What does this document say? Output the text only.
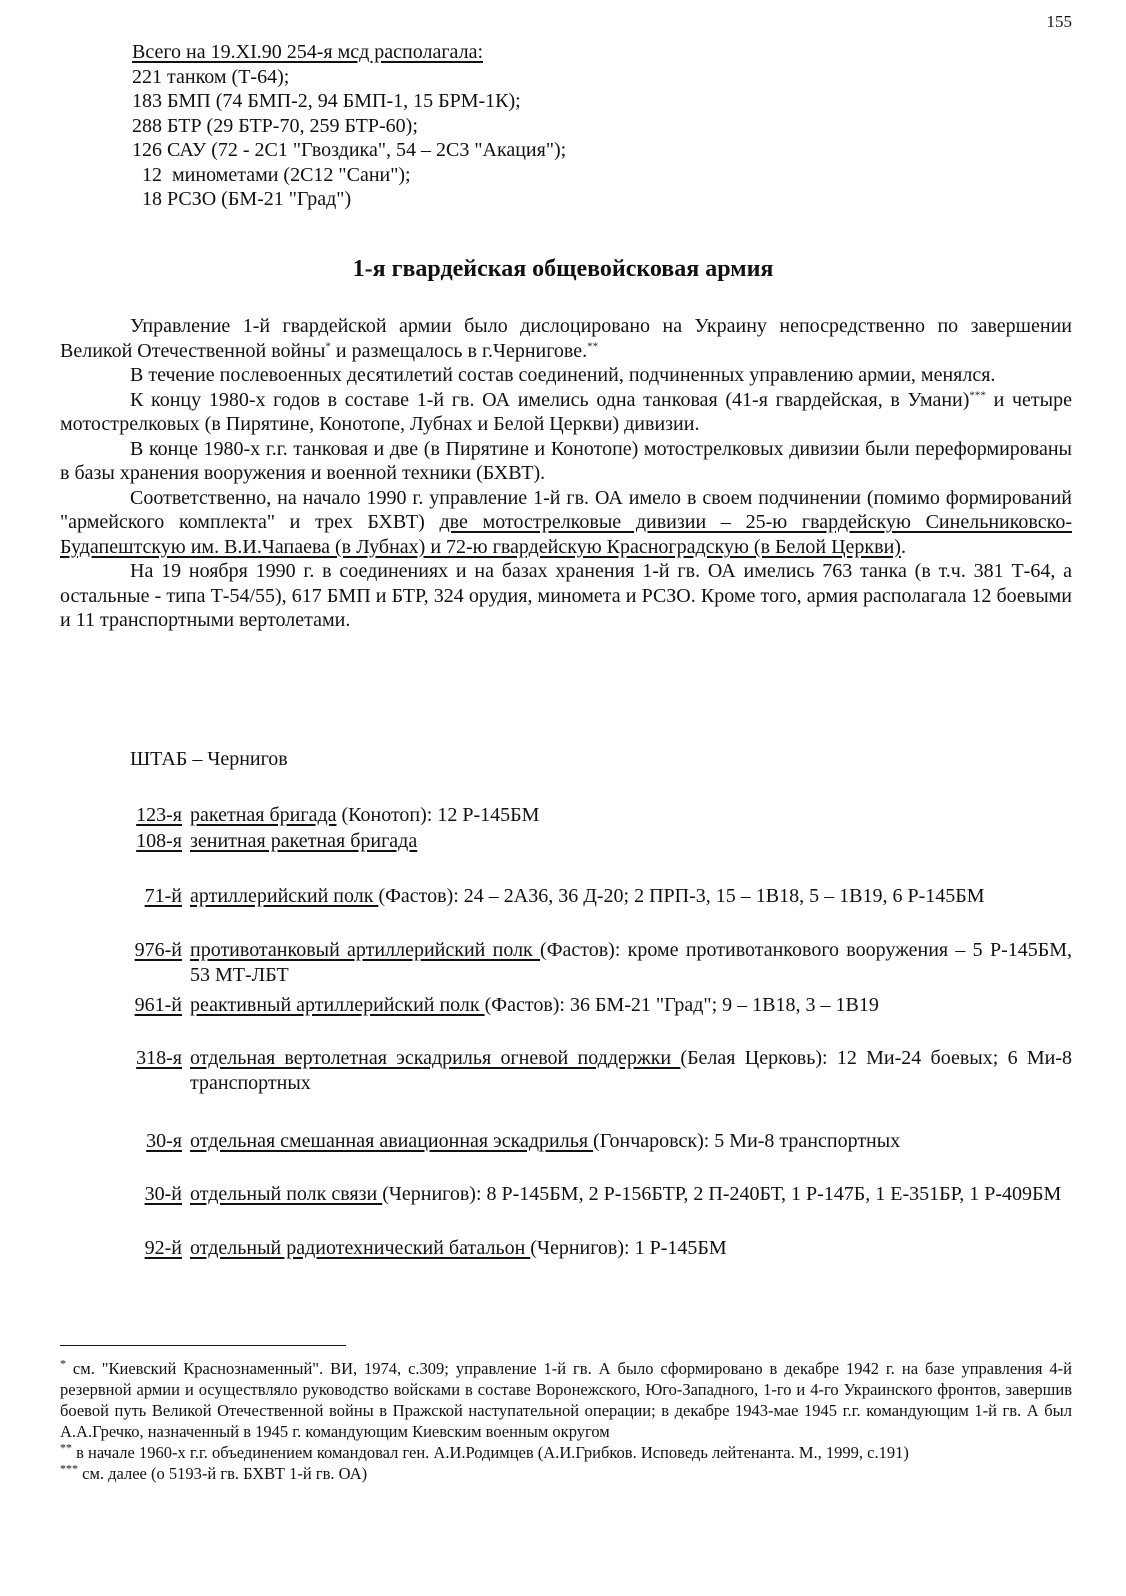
155
Всего на 19.XI.90 254-я мсд располагала:
221 танком (Т-64);
183 БМП (74 БМП-2, 94 БМП-1, 15 БРМ-1К);
288 БТР (29 БТР-70, 259 БТР-60);
126 САУ (72 - 2С1 "Гвоздика", 54 – 2С3 "Акация");
12  минометами (2С12 "Сани");
18 РСЗО (БМ-21 "Град")
1-я гвардейская общевойсковая армия

Управление 1-й гвардейской армии было дислоцировано на Украину непосредственно по завершении Великой Отечественной войны* и размещалось в г.Чернигове.**

В течение послевоенных десятилетий состав соединений, подчиненных управлению армии, менялся.

К концу 1980-х годов в составе 1-й гв. ОА имелись одна танковая (41-я гвардейская, в Умани)*** и четыре мотострелковых (в Пирятине, Конотопе, Лубнах и Белой Церкви) дивизии.

В конце 1980-х г.г. танковая и две (в Пирятине и Конотопе) мотострелковых дивизии были переформированы в базы хранения вооружения и военной техники (БХВТ).

Соответственно, на начало 1990 г. управление 1-й гв. ОА имело в своем подчинении (помимо формирований "армейского комплекта" и трех БХВТ) две мотострелковые дивизии – 25-ю гвардейскую Синельниковско-Будапештскую им. В.И.Чапаева (в Лубнах) и 72-ю гвардейскую Красноградскую (в Белой Церкви).

На 19 ноября 1990 г. в соединениях и на базах хранения 1-й гв. ОА имелись 763 танка (в т.ч. 381 Т-64, а остальные - типа Т-54/55), 617 БМП и БТР, 324 орудия, миномета и РСЗО. Кроме того, армия располагала 12 боевыми и 11 транспортными вертолетами.

ШТАБ – Чернигов
123-я ракетная бригада (Конотоп): 12 Р-145БМ
108-я зенитная ракетная бригада
71-й артиллерийский полк (Фастов): 24 – 2А36, 36 Д-20; 2 ПРП-3, 15 – 1В18, 5 – 1В19, 6 Р-145БМ
976-й противотанковый артиллерийский полк (Фастов): кроме противотанкового вооружения – 5 Р-145БМ, 53 МТ-ЛБТ
961-й реактивный артиллерийский полк (Фастов): 36 БМ-21 "Град"; 9 – 1В18, 3 – 1В19
318-я отдельная вертолетная эскадрилья огневой поддержки (Белая Церковь): 12 Ми-24 боевых; 6 Ми-8 транспортных
30-я отдельная смешанная авиационная эскадрилья (Гончаровск): 5 Ми-8 транспортных
30-й отдельный полк связи (Чернигов): 8 Р-145БМ, 2 Р-156БТР, 2 П-240БТ, 1 Р-147Б, 1 Е-351БР, 1 Р-409БМ
92-й отдельный радиотехнический батальон (Чернигов): 1 Р-145БМ

* см. "Киевский Краснознаменный". ВИ, 1974, с.309; управление 1-й гв. А было сформировано в декабре 1942 г. на базе управления 4-й резервной армии и осуществляло руководство войсками в составе Воронежского, Юго-Западного, 1-го и 4-го Украинского фронтов, завершив боевой путь Великой Отечественной войны в Пражской наступательной операции; в декабре 1943-мае 1945 г.г. командующим 1-й гв. А был А.А.Гречко, назначенный в 1945 г. командующим Киевским военным округом

** в начале 1960-х г.г. объединением командовал ген. А.И.Родимцев (А.И.Грибков. Исповедь лейтенанта. М., 1999, с.191)

*** см. далее (о 5193-й гв. БХВТ 1-й гв. ОА)
